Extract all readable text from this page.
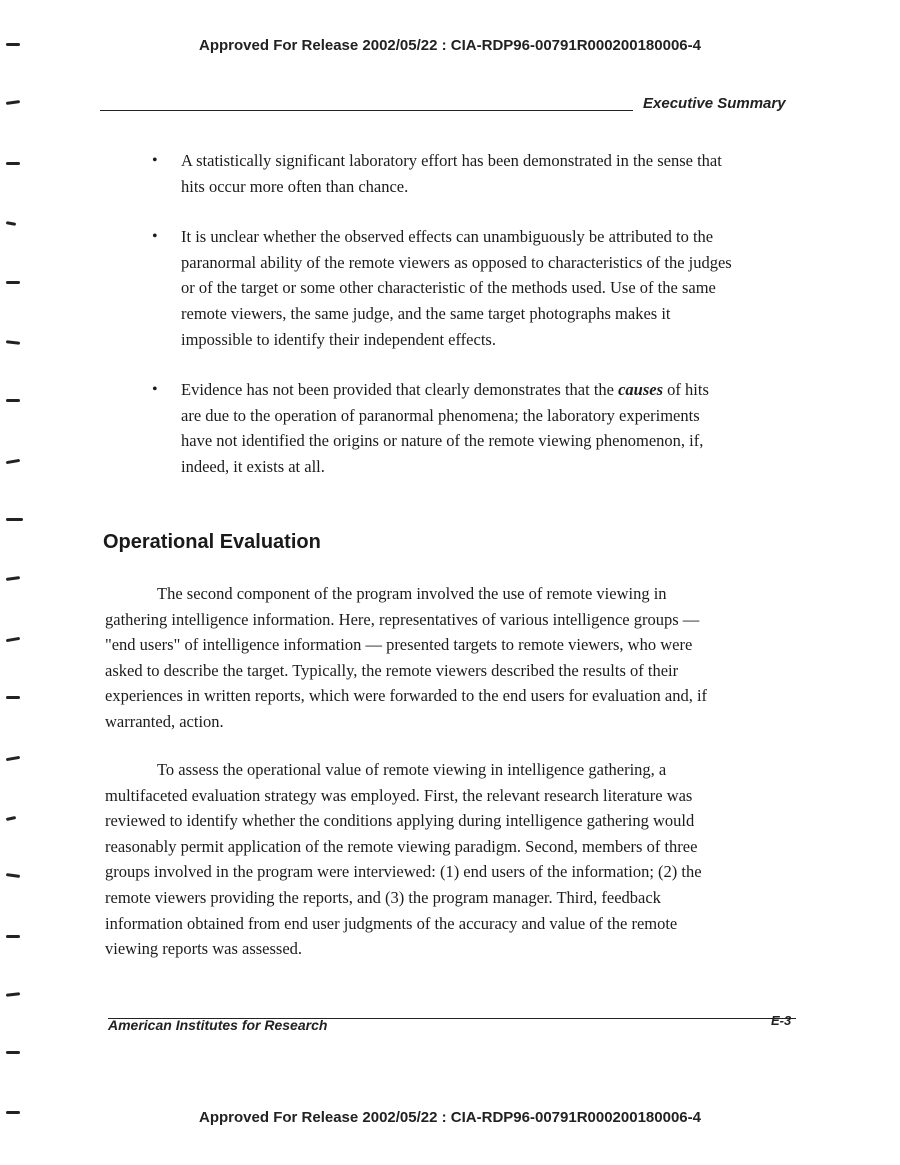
Approved For Release 2002/05/22 : CIA-RDP96-00791R000200180006-4
Executive Summary
• A statistically significant laboratory effort has been demonstrated in the sense that
hits occur more often than chance.
• It is unclear whether the observed effects can unambiguously be attributed to the
paranormal ability of the remote viewers as opposed to characteristics of the judges
or of the target or some other characteristic of the methods used. Use of the same
remote viewers, the same judge, and the same target photographs makes it
impossible to identify their independent effects.
• Evidence has not been provided that clearly demonstrates that the causes of hits
are due to the operation of paranormal phenomena; the laboratory experiments
have not identified the origins or nature of the remote viewing phenomenon, if,
indeed, it exists at all.
Operational Evaluation

The second component of the program involved the use of remote viewing in
gathering intelligence information. Here, representatives of various intelligence groups —
"end users" of intelligence information — presented targets to remote viewers, who were
asked to describe the target. Typically, the remote viewers described the results of their
experiences in written reports, which were forwarded to the end users for evaluation and, if
warranted, action.

To assess the operational value of remote viewing in intelligence gathering, a
multifaceted evaluation strategy was employed. First, the relevant research literature was
reviewed to identify whether the conditions applying during intelligence gathering would
reasonably permit application of the remote viewing paradigm. Second, members of three
groups involved in the program were interviewed: (1) end users of the information; (2) the
remote viewers providing the reports, and (3) the program manager. Third, feedback
information obtained from end user judgments of the accuracy and value of the remote
viewing reports was assessed.

American Institutes for Research	E-3
Approved For Release 2002/05/22 : CIA-RDP96-00791R000200180006-4
